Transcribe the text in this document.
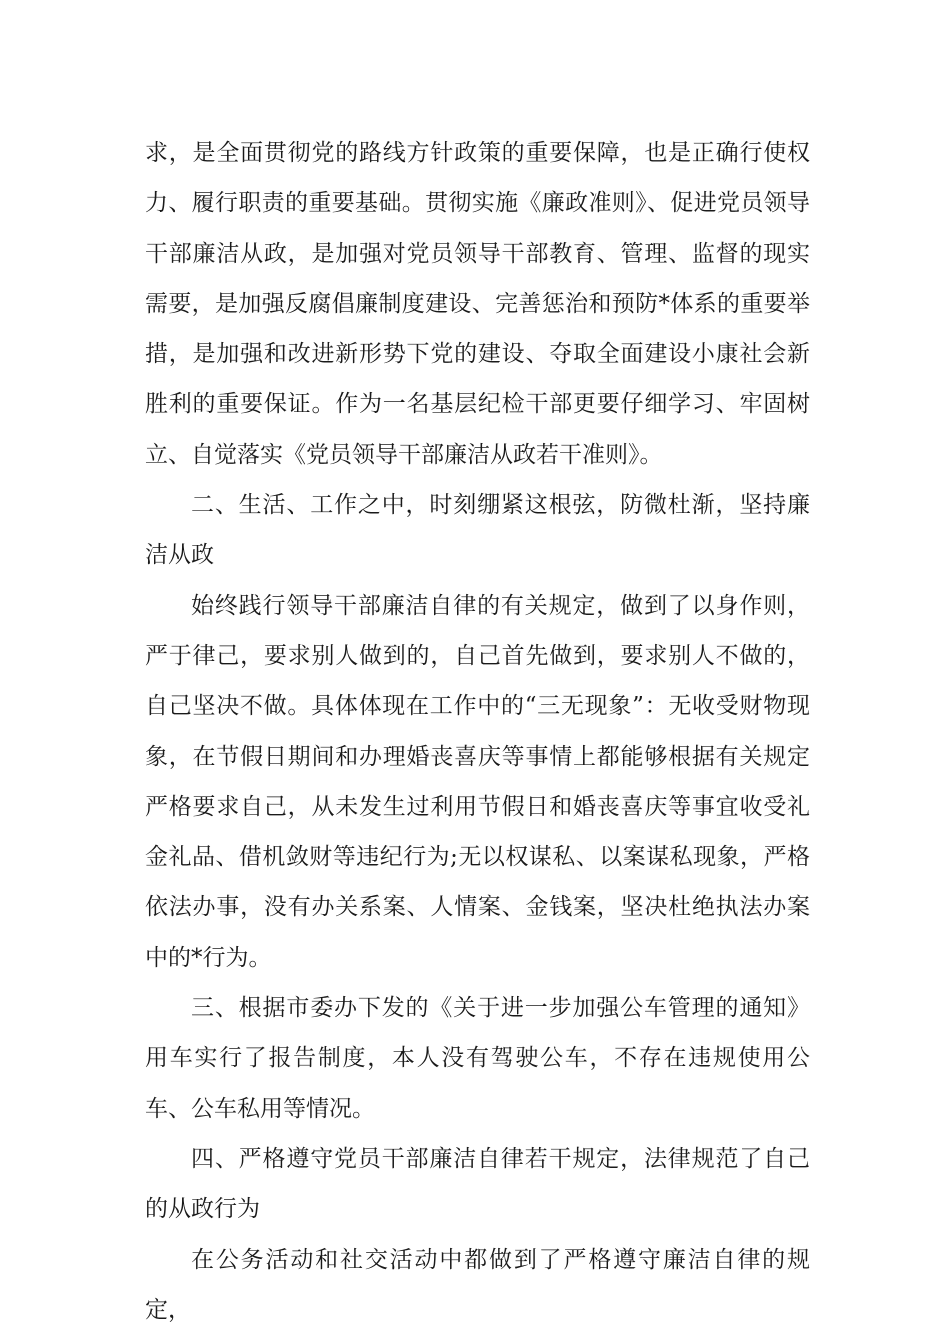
求，是全面贯彻党的路线方针政策的重要保障，也是正确行使权力、履行职责的重要基础。贯彻实施《廉政准则》、促进党员领导干部廉洁从政，是加强对党员领导干部教育、管理、监督的现实需要，是加强反腐倡廉制度建设、完善惩治和预防*体系的重要举措，是加强和改进新形势下党的建设、夺取全面建设小康社会新胜利的重要保证。作为一名基层纪检干部更要仔细学习、牢固树立、自觉落实《党员领导干部廉洁从政若干准则》。

二、生活、工作之中，时刻绷紧这根弦，防微杜渐，坚持廉洁从政

始终践行领导干部廉洁自律的有关规定，做到了以身作则，严于律己，要求别人做到的，自己首先做到，要求别人不做的，自己坚决不做。具体体现在工作中的“三无现象”：无收受财物现象，在节假日期间和办理婚丧喜庆等事情上都能够根据有关规定严格要求自己，从未发生过利用节假日和婚丧喜庆等事宜收受礼金礼品、借机敛财等违纪行为;无以权谋私、以案谋私现象，严格依法办事，没有办关系案、人情案、金钱案，坚决杜绝执法办案中的*行为。

三、根据市委办下发的《关于进一步加强公车管理的通知》用车实行了报告制度，本人没有驾驶公车，不存在违规使用公车、公车私用等情况。

四、严格遵守党员干部廉洁自律若干规定，法律规范了自己的从政行为

在公务活动和社交活动中都做到了严格遵守廉洁自律的规定，
